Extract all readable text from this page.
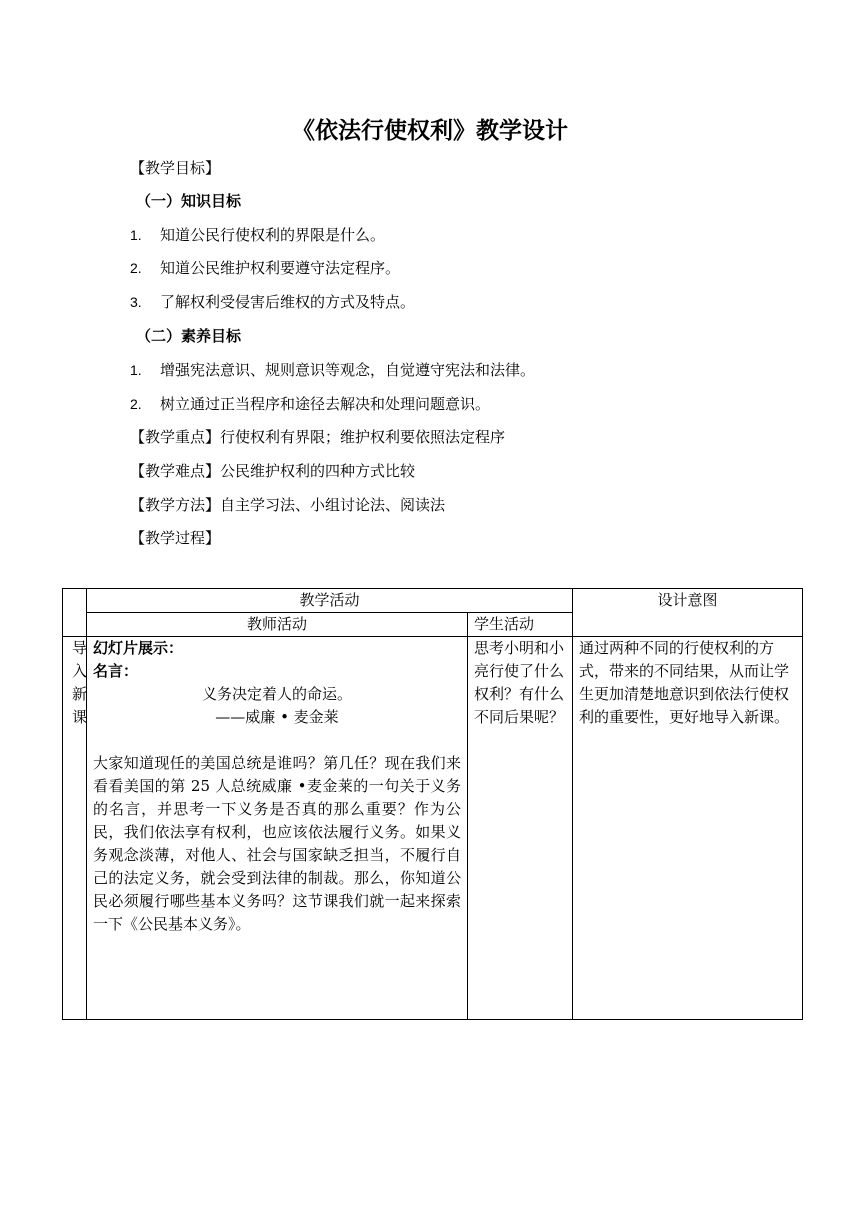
《依法行使权利》教学设计
【教学目标】
（一）知识目标
1. 知道公民行使权利的界限是什么。
2. 知道公民维护权利要遵守法定程序。
3. 了解权利受侵害后维权的方式及特点。
（二）素养目标
1. 增强宪法意识、规则意识等观念，自觉遵守宪法和法律。
2. 树立通过正当程序和途径去解决和处理问题意识。
【教学重点】行使权利有界限；维护权利要依照法定程序
【教学难点】公民维护权利的四种方式比较
【教学方法】自主学习法、小组讨论法、阅读法
【教学过程】
	教学活动		设计意图
	教师活动	学生活动	
导入新课	幻灯片展示：
名言：
义务决定着人的命运。
——威廉 • 麦金莱
大家知道现任的美国总统是谁吗？第几任？现在我们来看看美国的第 25 人总统威廉 •麦金莱的一句关于义务的名言，并思考一下义务是否真的那么重要？作为公民，我们依法享有权利，也应该依法履行义务。如果义务观念淡薄，对他人、社会与国家缺乏担当，不履行自己的法定义务，就会受到法律的制裁。那么，你知道公民必须履行哪些基本义务吗？这节课我们就一起来探索一下《公民基本义务》。	思考小明和小亮行使了什么权利？有什么不同后果呢？	通过两种不同的行使权利的方式，带来的不同结果，从而让学生更加清楚地意识到依法行使权利的重要性，更好地导入新课。
